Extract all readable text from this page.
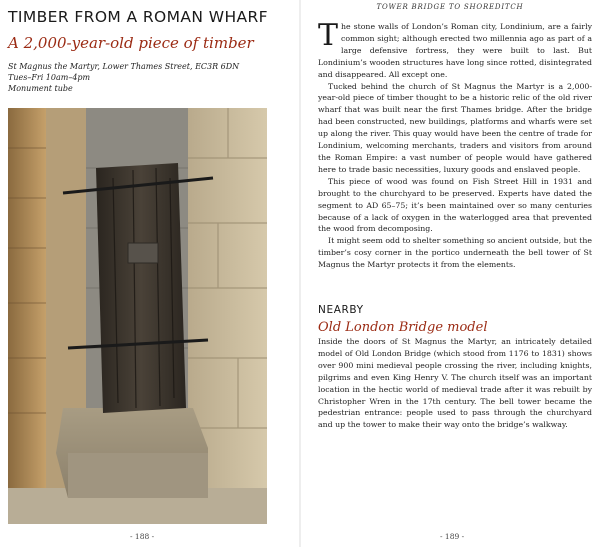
TIMBER FROM A ROMAN WHARF
A 2,000-year-old piece of timber
St Magnus the Martyr, Lower Thames Street, EC3R 6DN
Tues–Fri 10am–4pm
Monument tube
- 188 -
TOWER BRIDGE TO SHOREDITCH

The stone walls of London’s Roman city, Londinium, are a fairly common sight; although erected two millennia ago as part of a large defensive fortress, they were built to last. But Londinium’s wooden structures have long since rotted, disintegrated and disappeared. All except one.

Tucked behind the church of St Magnus the Martyr is a 2,000-year-old piece of timber thought to be a historic relic of the old river wharf that was built near the first Thames bridge. After the bridge had been constructed, new buildings, platforms and wharfs were set up along the river. This quay would have been the centre of trade for Londinium, welcoming merchants, traders and visitors from around the Roman Empire: a vast number of people would have gathered here to trade basic necessities, luxury goods and enslaved people.

This piece of wood was found on Fish Street Hill in 1931 and brought to the churchyard to be preserved. Experts have dated the segment to AD 65–75; it’s been maintained over so many centuries because of a lack of oxygen in the waterlogged area that prevented the wood from decomposing.

It might seem odd to shelter something so ancient outside, but the timber’s cosy corner in the portico underneath the bell tower of St Magnus the Martyr protects it from the elements.

NEARBY
Old London Bridge model

Inside the doors of St Magnus the Martyr, an intricately detailed model of Old London Bridge (which stood from 1176 to 1831) shows over 900 mini medieval people crossing the river, including knights, pilgrims and even King Henry V. The church itself was an important location in the hectic world of medieval trade after it was rebuilt by Christopher Wren in the 17th century. The bell tower became the pedestrian entrance: people used to pass through the churchyard and up the tower to make their way onto the bridge’s walkway.

- 189 -
